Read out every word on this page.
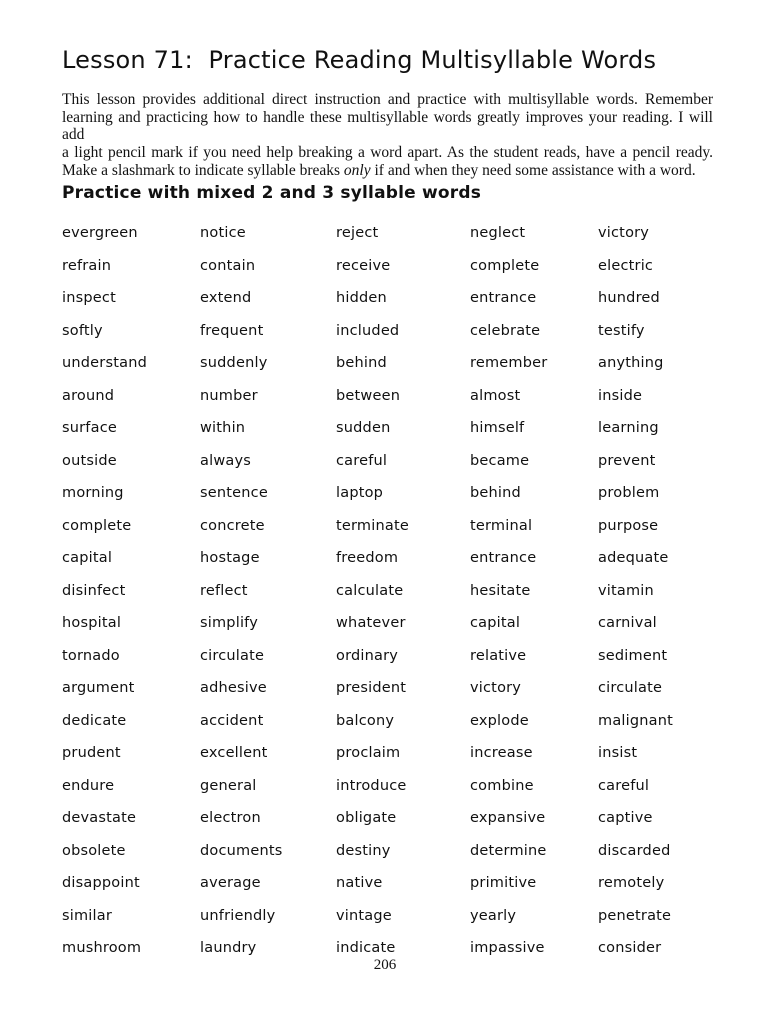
Lesson 71:  Practice Reading Multisyllable Words
This lesson provides additional direct instruction and practice with multisyllable words. Remember
learning and practicing how to handle these multisyllable words greatly improves your reading. I will add
a light pencil mark if you need help breaking a word apart. As the student reads, have a pencil ready.
Make a slashmark to indicate syllable breaks only if and when they need some assistance with a word.
Practice with mixed 2 and 3 syllable words
evergreen	notice	reject	neglect	victory
refrain	contain	receive	complete	electric
inspect	extend	hidden	entrance	hundred
softly	frequent	included	celebrate	testify
understand	suddenly	behind	remember	anything
around	number	between	almost	inside
surface	within	sudden	himself	learning
outside	always	careful	became	prevent
morning	sentence	laptop	behind	problem
complete	concrete	terminate	terminal	purpose
capital	hostage	freedom	entrance	adequate
disinfect	reflect	calculate	hesitate	vitamin
hospital	simplify	whatever	capital	carnival
tornado	circulate	ordinary	relative	sediment
argument	adhesive	president	victory	circulate
dedicate	accident	balcony	explode	malignant
prudent	excellent	proclaim	increase	insist
endure	general	introduce	combine	careful
devastate	electron	obligate	expansive	captive
obsolete	documents	destiny	determine	discarded
disappoint	average	native	primitive	remotely
similar	unfriendly	vintage	yearly	penetrate
mushroom	laundry	indicate	impassive	consider
206
